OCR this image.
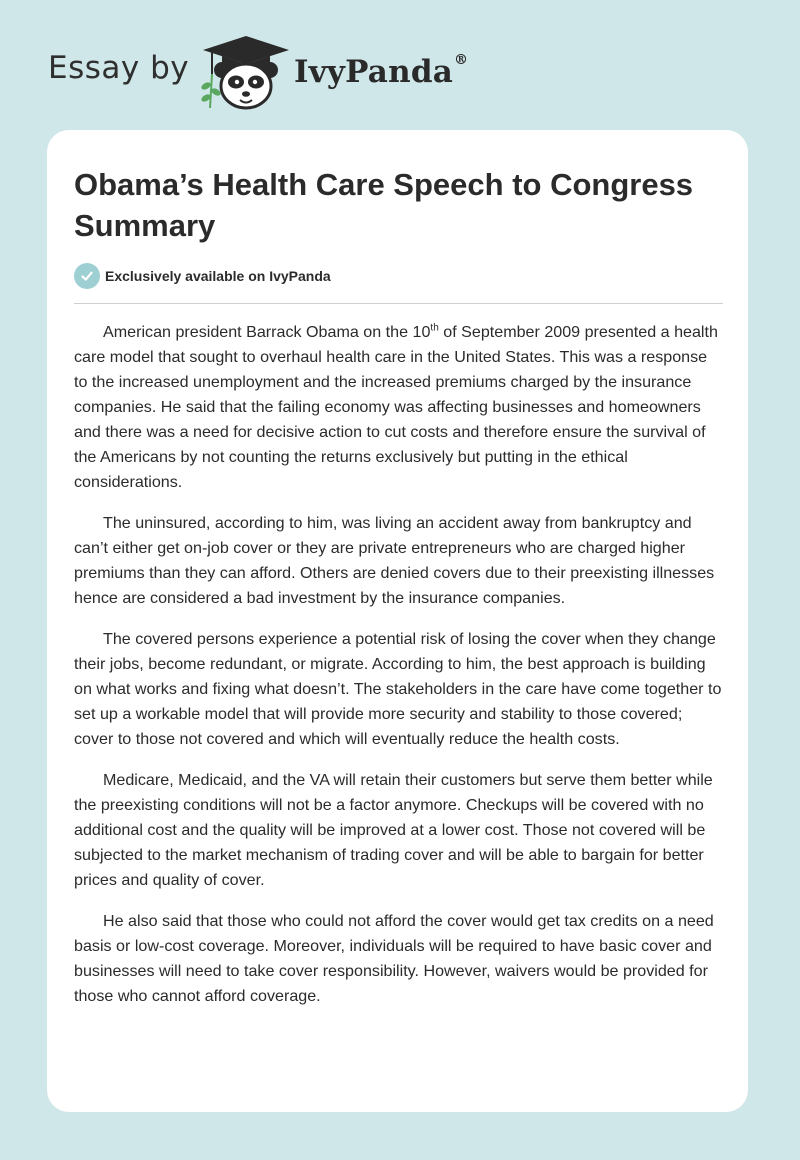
Essay by	IvyPanda®
Obama’s Health Care Speech to Congress Summary
Exclusively available on IvyPanda

American president Barrack Obama on the 10th of September 2009 presented a health care model that sought to overhaul health care in the United States. This was a response to the increased unemployment and the increased premiums charged by the insurance companies. He said that the failing economy was affecting businesses and homeowners and there was a need for decisive action to cut costs and therefore ensure the survival of the Americans by not counting the returns exclusively but putting in the ethical considerations.

The uninsured, according to him, was living an accident away from bankruptcy and can’t either get on-job cover or they are private entrepreneurs who are charged higher premiums than they can afford. Others are denied covers due to their preexisting illnesses hence are considered a bad investment by the insurance companies.

The covered persons experience a potential risk of losing the cover when they change their jobs, become redundant, or migrate. According to him, the best approach is building on what works and fixing what doesn’t. The stakeholders in the care have come together to set up a workable model that will provide more security and stability to those covered; cover to those not covered and which will eventually reduce the health costs.

Medicare, Medicaid, and the VA will retain their customers but serve them better while the preexisting conditions will not be a factor anymore. Checkups will be covered with no additional cost and the quality will be improved at a lower cost. Those not covered will be subjected to the market mechanism of trading cover and will be able to bargain for better prices and quality of cover.

He also said that those who could not afford the cover would get tax credits on a need basis or low-cost coverage. Moreover, individuals will be required to have basic cover and businesses will need to take cover responsibility. However, waivers would be provided for those who cannot afford coverage.
